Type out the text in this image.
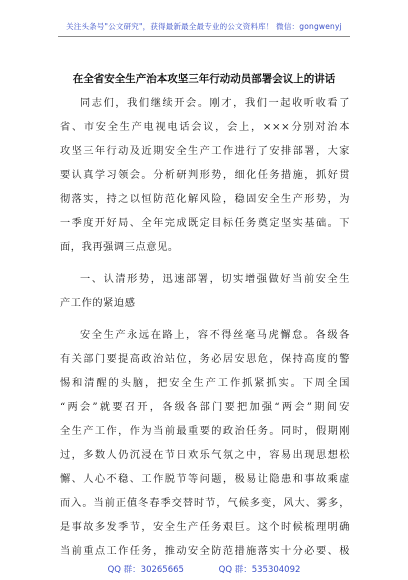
关注头条号"公文研究"，获得最新最全最专业的公文资料库！ 微信：gongwenyj
在全省安全生产治本攻坚三年行动动员部署会议上的讲话
同志们，我们继续开会。刚才，我们一起收听收看了
省、市安全生产电视电话会议，会上，×××分别对治本
攻坚三年行动及近期安全生产工作进行了安排部署，大家
要认真学习领会。分析研判形势，细化任务措施，抓好贯
彻落实，持之以恒防范化解风险，稳固安全生产形势，为
一季度开好局、全年完成既定目标任务奠定坚实基础。下
面，我再强调三点意见。
一、认清形势，迅速部署，切实增强做好当前安全生
产工作的紧迫感
安全生产永远在路上，容不得丝毫马虎懈怠。各级各
有关部门要提高政治站位，务必居安思危，保持高度的警
惕和清醒的头脑，把安全生产工作抓紧抓实。下周全国
“两会”就要召开，各级各部门要把加强“两会”期间安
全生产工作，作为当前最重要的政治任务。同时，假期刚
过，多数人仍沉浸在节日欢乐气氛之中，容易出现思想松
懈、人心不稳、工作脱节等问题，极易让隐患和事故乘虚
而入。当前正值冬春季交替时节，气候多变，风大、雾多，
是事故多发季节，安全生产任务艰巨。这个时候梳理明确
当前重点工作任务，推动安全防范措施落实十分必要、极
QQ 群：30265665	QQ 群：535304092
